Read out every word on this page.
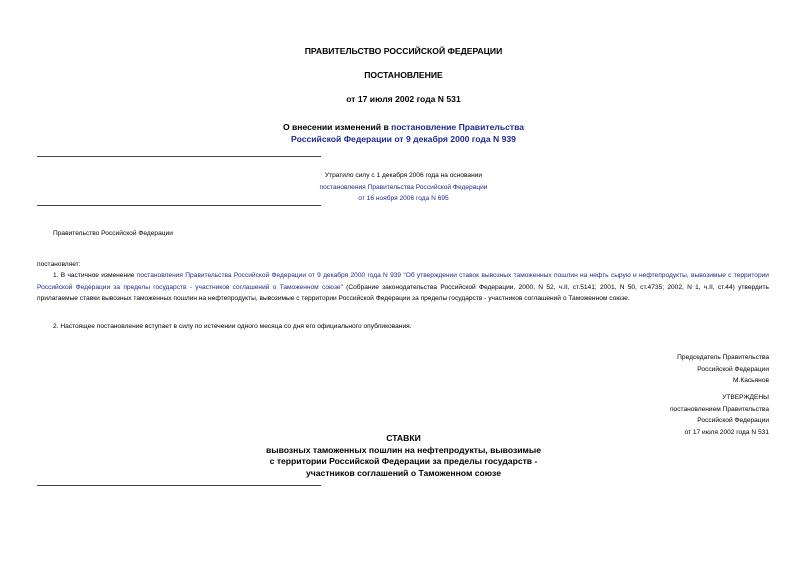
ПРАВИТЕЛЬСТВО РОССИЙСКОЙ ФЕДЕРАЦИИ
ПОСТАНОВЛЕНИЕ
от 17 июля 2002 года N 531
О внесении изменений в постановление Правительства
Российской Федерации от 9 декабря 2000 года N 939
Утратило силу с 1 декабря 2006 года на основании
постановления Правительства Российской Федерации
от 16 ноября 2006 года N 695
Правительство Российской Федерации
постановляет:
1. В частичное изменение постановления Правительства Российской Федерации от 9 декабря 2000 года N 939 "Об утверждении ставок вывозных таможенных пошлин на нефть сырую и нефтепродукты, вывозимые с территории Российской Федерации за пределы государств - участников соглашений о Таможенном союзе" (Собрание законодательства Российской Федерации, 2000, N 52, ч.II, ст.5141; 2001, N 50, ст.4735; 2002, N 1, ч.II, ст.44) утвердить прилагаемые ставки вывозных таможенных пошлин на нефтепродукты, вывозимые с территории Российской Федерации за пределы государств - участников соглашений о Таможенном союзе.
2. Настоящее постановление вступает в силу по истечении одного месяца со дня его официального опубликования.
Председатель Правительства
Российской Федерации
М.Касьянов
УТВЕРЖДЕНЫ
постановлением Правительства
Российской Федерации
от 17 июля 2002 года N 531
СТАВКИ
вывозных таможенных пошлин на нефтепродукты, вывозимые
с территории Российской Федерации за пределы государств -
участников соглашений о Таможенном союзе
